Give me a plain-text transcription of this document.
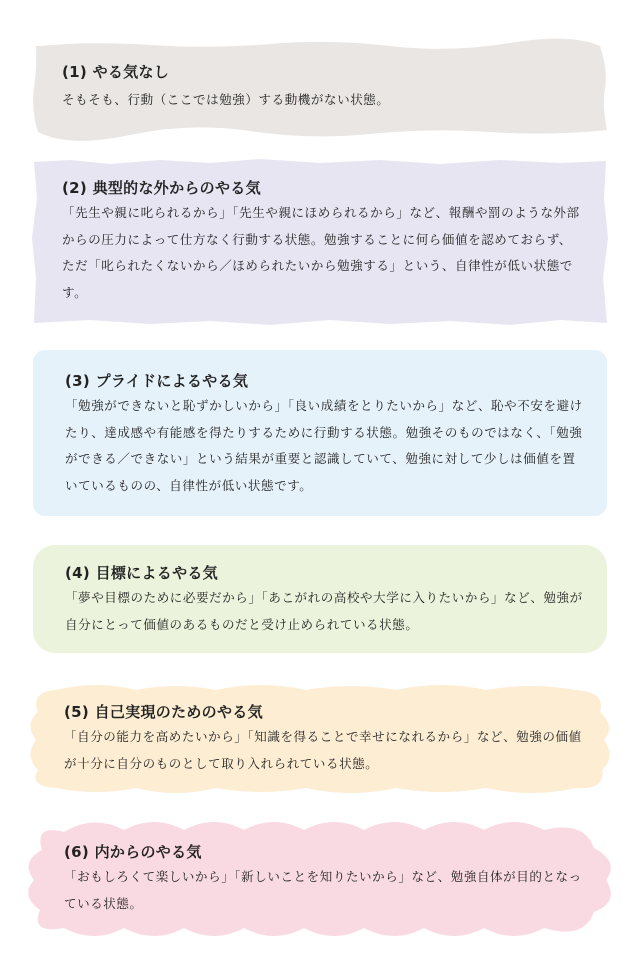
(1) やる気なし

そもそも、行動（ここでは勉強）する動機がない状態。

(2) 典型的な外からのやる気

「先生や親に叱られるから」「先生や親にほめられるから」など、報酬や罰のような外部からの圧力によって仕方なく行動する状態。勉強することに何ら価値を認めておらず、ただ「叱られたくないから／ほめられたいから勉強する」という、自律性が低い状態です。

(3) プライドによるやる気

「勉強ができないと恥ずかしいから」「良い成績をとりたいから」など、恥や不安を避けたり、達成感や有能感を得たりするために行動する状態。勉強そのものではなく、「勉強ができる／できない」という結果が重要と認識していて、勉強に対して少しは価値を置いているものの、自律性が低い状態です。

(4) 目標によるやる気

「夢や目標のために必要だから」「あこがれの高校や大学に入りたいから」など、勉強が自分にとって価値のあるものだと受け止められている状態。

(5) 自己実現のためのやる気

「自分の能力を高めたいから」「知識を得ることで幸せになれるから」など、勉強の価値が十分に自分のものとして取り入れられている状態。

(6) 内からのやる気

「おもしろくて楽しいから」「新しいことを知りたいから」など、勉強自体が目的となっている状態。
